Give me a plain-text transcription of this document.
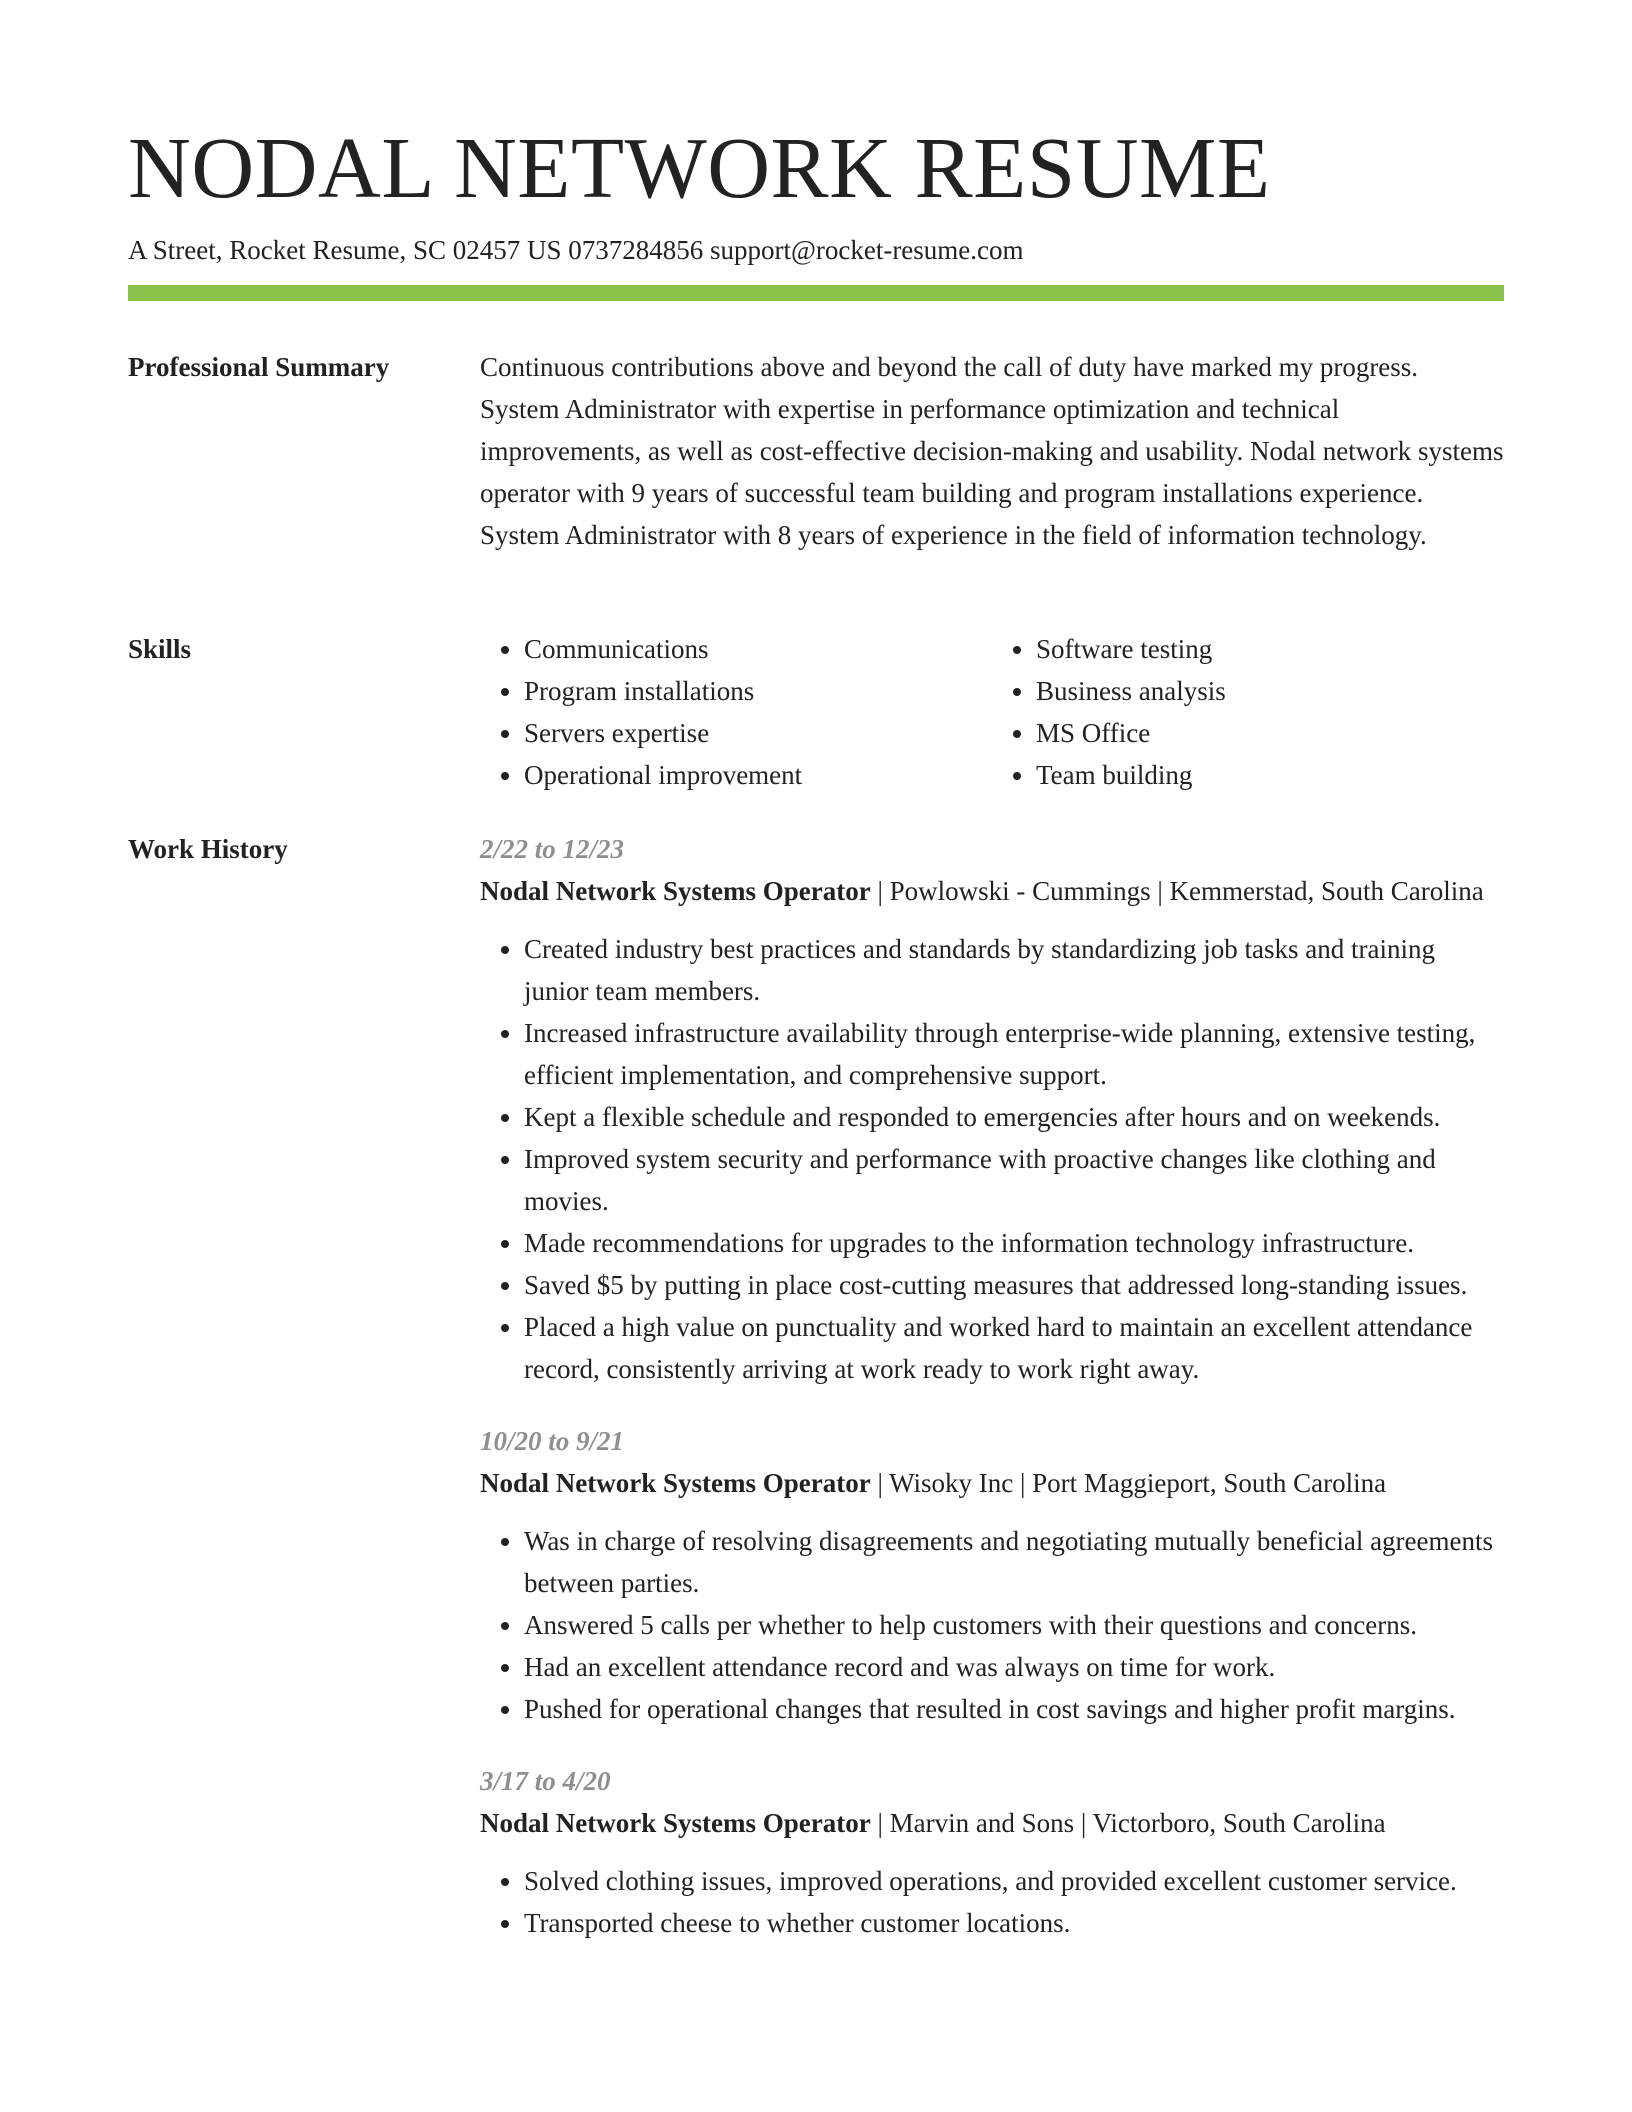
NODAL NETWORK RESUME
A Street, Rocket Resume, SC 02457 US 0737284856 support@rocket-resume.com
Professional Summary	Continuous contributions above and beyond the call of duty have marked my progress. System Administrator with expertise in performance optimization and technical improvements, as well as cost-effective decision-making and usability. Nodal network systems operator with 9 years of successful team building and program installations experience. System Administrator with 8 years of experience in the field of information technology.

Skills
•	Communications
• Program installations
• Servers expertise
• Operational improvement
• Software testing
• Business analysis
• MS Office
• Team building
Work History	2/22 to 12/23
Nodal Network Systems Operator | Powlowski - Cummings | Kemmerstad, South Carolina
• Created industry best practices and standards by standardizing job tasks and training junior team members.
• Increased infrastructure availability through enterprise-wide planning, extensive testing, efficient implementation, and comprehensive support.
• Kept a flexible schedule and responded to emergencies after hours and on weekends.
• Improved system security and performance with proactive changes like clothing and movies.
• Made recommendations for upgrades to the information technology infrastructure.
• Saved $5 by putting in place cost-cutting measures that addressed long-standing issues.
• Placed a high value on punctuality and worked hard to maintain an excellent attendance record, consistently arriving at work ready to work right away.
10/20 to 9/21
Nodal Network Systems Operator | Wisoky Inc | Port Maggieport, South Carolina
• Was in charge of resolving disagreements and negotiating mutually beneficial agreements between parties.
• Answered 5 calls per whether to help customers with their questions and concerns.
• Had an excellent attendance record and was always on time for work.
• Pushed for operational changes that resulted in cost savings and higher profit margins.
3/17 to 4/20
Nodal Network Systems Operator | Marvin and Sons | Victorboro, South Carolina
• Solved clothing issues, improved operations, and provided excellent customer service.
• Transported cheese to whether customer locations.
